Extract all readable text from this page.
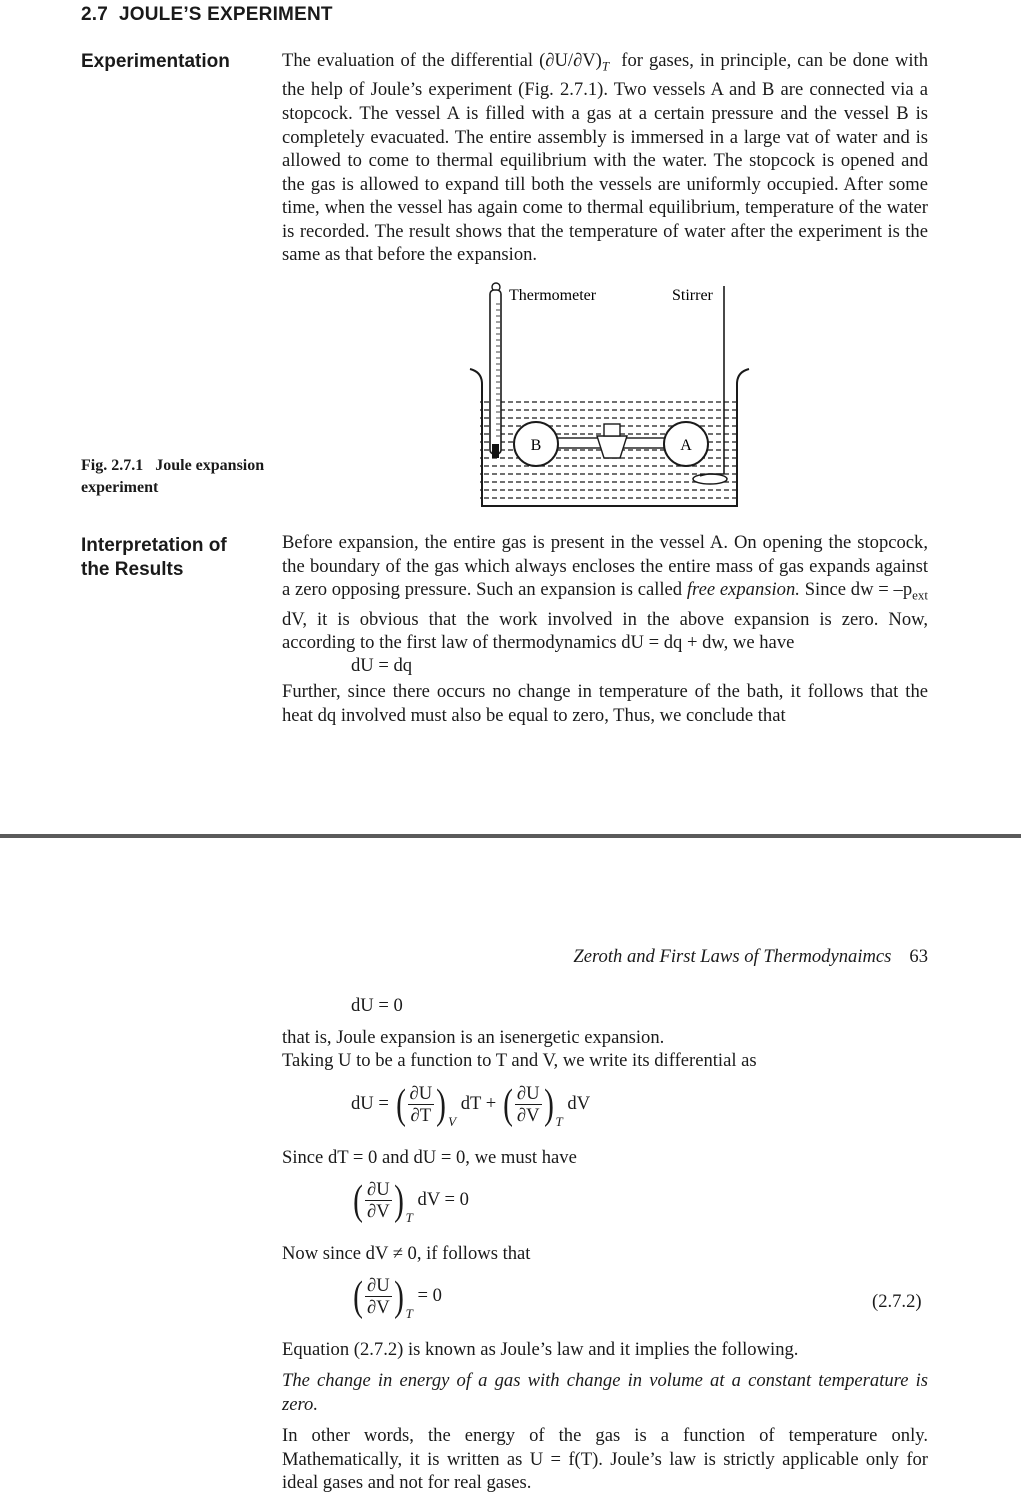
2.7 JOULE’S EXPERIMENT
Experimentation	The evaluation of the differential $(\partial U/\partial V)_T$ for gases, in principle, can be done with the help of Joule’s experiment (Fig. 2.7.1). Two vessels A and B are connected via a stopcock. The vessel A is filled with a gas at a certain pressure and the vessel B is completely evacuated. The entire assembly is immersed in a large vat of water and is allowed to come to thermal equilibrium with the water. The stopcock is opened and the gas is allowed to expand till both the vessels are uniformly occupied. After some time, when the vessel has again come to thermal equilibrium, temperature of the water is recorded. The result shows that the temperature of water after the experiment is the same as that before the expansion.
B	A
Thermometer	Stirrer
Fig. 2.7.1 Joule expansion
experiment
Interpretation of
the Results
Before expansion, the entire gas is present in the vessel A. On opening the stopcock, the boundary of the gas which always encloses the entire mass of gas expands against a zero opposing pressure. Such an expansion is called free expansion. Since dw = $-p_{ext}$ dV, it is obvious that the work involved in the above expansion is zero. Now, according to the first law of thermodynamics dU = dq + dw, we have
dU = dq
Further, since there occurs no change in temperature of the bath, it follows that the heat dq involved must also be equal to zero, Thus, we conclude that
Zeroth and First Laws of Thermodynaimcs 63
dU = 0
that is, Joule expansion is an isenergetic expansion.
Taking U to be a function to T and V, we write its differential as
dU = ( $\frac{\partial U}{\partial T}$ ) $_V$ dT + ( $\frac{\partial U}{\partial V}$ ) $_T$ dV
Since dT = 0 and dU = 0, we must have
( $\frac{\partial U}{\partial V}$ ) $_T$ dV = 0
Now since dV ≠ 0, if follows that
( $\frac{\partial U}{\partial V}$ ) $_T$ = 0	(2.7.2)
Equation (2.7.2) is known as Joule’s law and it implies the following.
The change in energy of a gas with change in volume at a constant temperature is zero.
In other words, the energy of the gas is a function of temperature only. Mathematically, it is written as U = f(T). Joule’s law is strictly applicable only for ideal gases and not for real gases.
